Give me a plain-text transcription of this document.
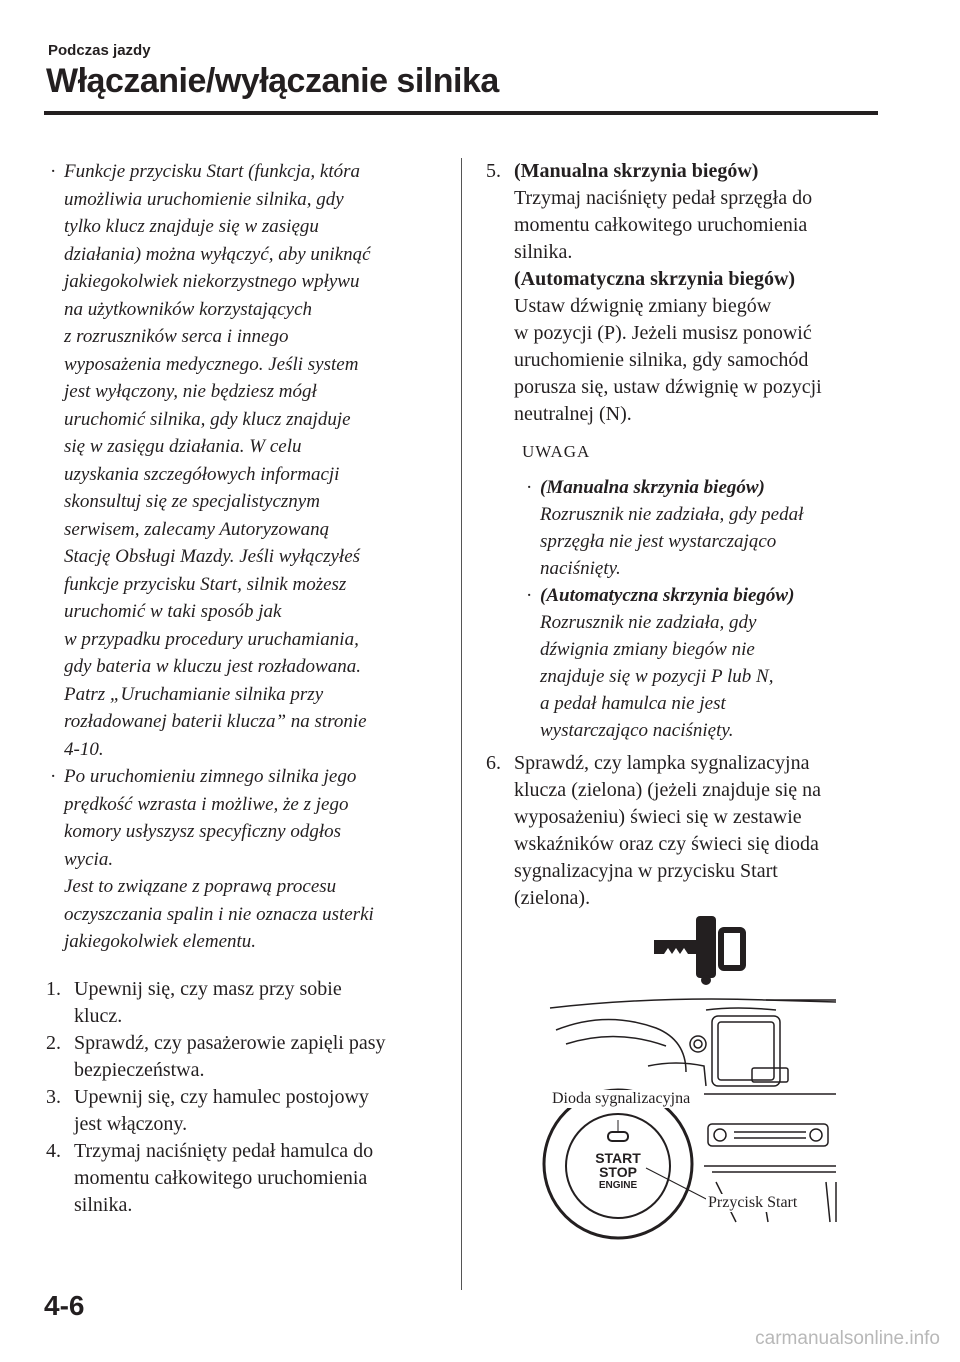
Podczas jazdy
Włączanie/wyłączanie silnika
· Funkcje przycisku Start (funkcja, która

umożliwia uruchomienie silnika, gdy

tylko klucz znajduje się w zasięgu

działania) można wyłączyć, aby uniknąć

jakiegokolwiek niekorzystnego wpływu

na użytkowników korzystających

z rozruszników serca i innego

wyposażenia medycznego. Jeśli system

jest wyłączony, nie będziesz mógł

uruchomić silnika, gdy klucz znajduje

się w zasięgu działania. W celu

uzyskania szczegółowych informacji

skonsultuj się ze specjalistycznym

serwisem, zalecamy Autoryzowaną

Stację Obsługi Mazdy. Jeśli wyłączyłeś

funkcje przycisku Start, silnik możesz

uruchomić w taki sposób jak

w przypadku procedury uruchamiania,

gdy bateria w kluczu jest rozładowana.

Patrz „Uruchamianie silnika przy

rozładowanej baterii klucza” na stronie

4-10.

· Po uruchomieniu zimnego silnika jego

prędkość wzrasta i możliwe, że z jego

komory usłyszysz specyficzny odgłos

wycia.

Jest to związane z poprawą procesu

oczyszczania spalin i nie oznacza usterki

jakiegokolwiek elementu.

1. Upewnij się, czy masz przy sobie

klucz.

2. Sprawdź, czy pasażerowie zapięli pasy

bezpieczeństwa.

3. Upewnij się, czy hamulec postojowy

jest włączony.

4. Trzymaj naciśnięty pedał hamulca do

momentu całkowitego uruchomienia

silnika.

5. (Manualna skrzynia biegów)

Trzymaj naciśnięty pedał sprzęgła do

momentu całkowitego uruchomienia

silnika.

(Automatyczna skrzynia biegów)

Ustaw dźwignię zmiany biegów

w pozycji (P). Jeżeli musisz ponowić

uruchomienie silnika, gdy samochód

porusza się, ustaw dźwignię w pozycji

neutralnej (N).

UWAGA
· (Manualna skrzynia biegów)

Rozrusznik nie zadziała, gdy pedał

sprzęgła nie jest wystarczająco

naciśnięty.

· (Automatyczna skrzynia biegów)

Rozrusznik nie zadziała, gdy

dźwignia zmiany biegów nie

znajduje się w pozycji P lub N,

a pedał hamulca nie jest

wystarczająco naciśnięty.

6. Sprawdź, czy lampka sygnalizacyjna

klucza (zielona) (jeżeli znajduje się na

wyposażeniu) świeci się w zestawie

wskaźników oraz czy świeci się dioda

sygnalizacyjna w przycisku Start

(zielona).

START
STOP
ENGINE
Dioda sygnalizacyjna
Przycisk Start
4-6
carmanualsonline.info
